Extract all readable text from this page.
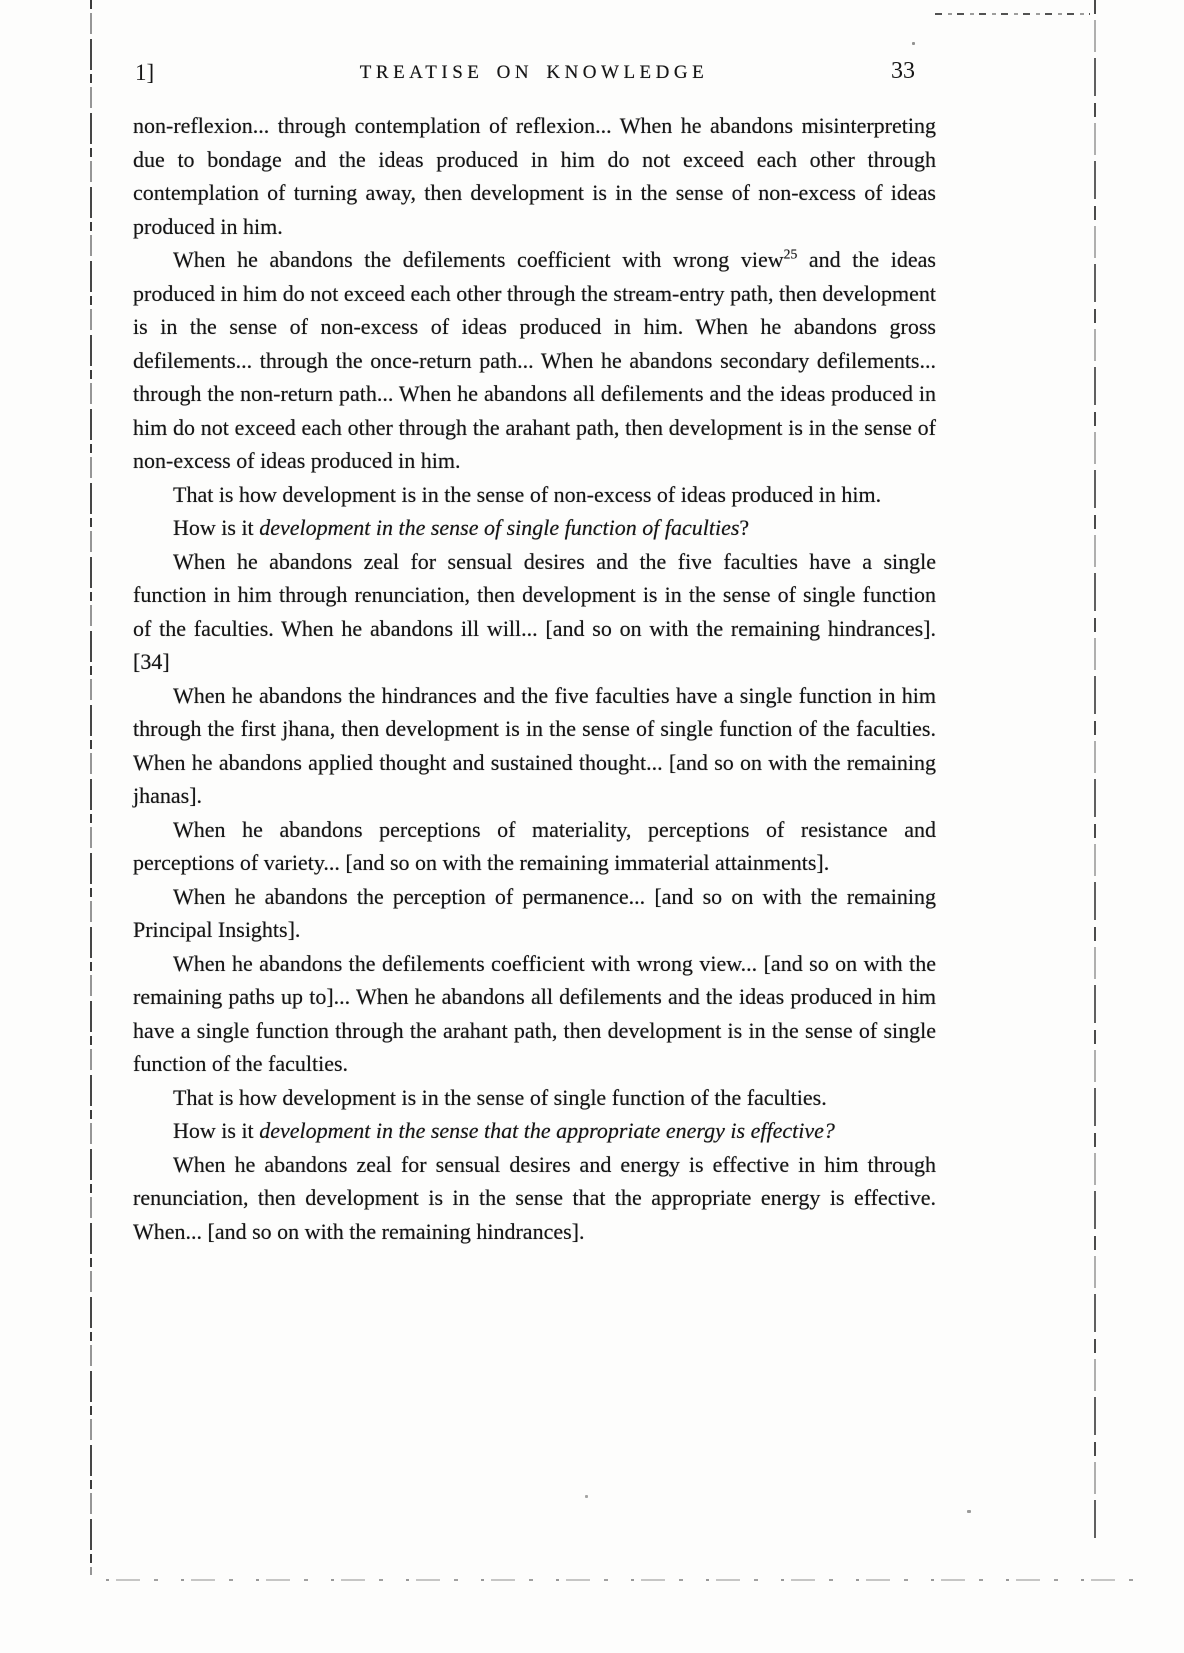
1]	TREATISE ON KNOWLEDGE	33

non-reflexion... through contemplation of reflexion... When he abandons misinterpreting due to bondage and the ideas produced in him do not exceed each other through contemplation of turning away, then development is in the sense of non-excess of ideas produced in him.

When he abandons the defilements coefficient with wrong view$^{25}$ and the ideas produced in him do not exceed each other through the stream-entry path, then development is in the sense of non-excess of ideas produced in him. When he abandons gross defilements... through the once-return path... When he abandons secondary defilements... through the non-return path... When he abandons all defilements and the ideas produced in him do not exceed each other through the arahant path, then development is in the sense of non-excess of ideas produced in him.

That is how development is in the sense of non-excess of ideas produced in him.

How is it development in the sense of single function of faculties?

When he abandons zeal for sensual desires and the five faculties have a single function in him through renunciation, then development is in the sense of single function of the faculties. When he abandons ill will... [and so on with the remaining hindrances]. [34]

When he abandons the hindrances and the five faculties have a single function in him through the first jhana, then development is in the sense of single function of the faculties. When he abandons applied thought and sustained thought... [and so on with the remaining jhanas].

When he abandons perceptions of materiality, perceptions of resistance and perceptions of variety... [and so on with the remaining immaterial attainments].

When he abandons the perception of permanence... [and so on with the remaining Principal Insights].

When he abandons the defilements coefficient with wrong view... [and so on with the remaining paths up to]... When he abandons all defilements and the ideas produced in him have a single function through the arahant path, then development is in the sense of single function of the faculties.

That is how development is in the sense of single function of the faculties.

How is it development in the sense that the appropriate energy is effective?

When he abandons zeal for sensual desires and energy is effective in him through renunciation, then development is in the sense that the appropriate energy is effective. When... [and so on with the remaining hindrances].
